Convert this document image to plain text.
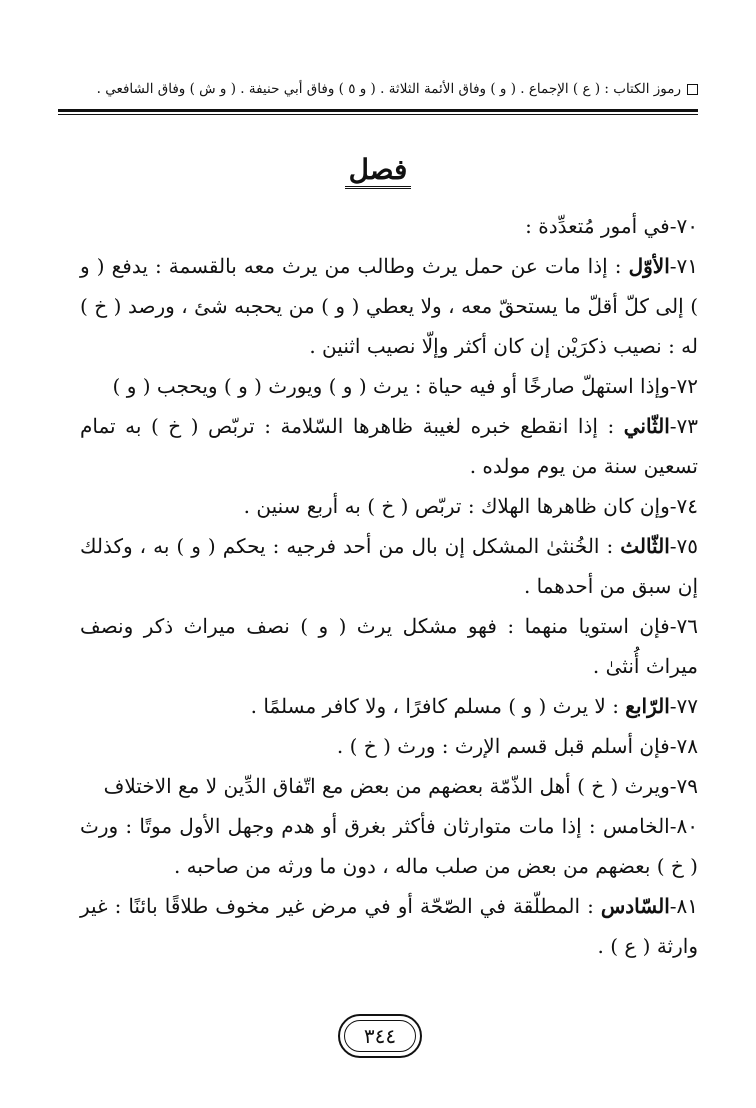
رموز الكتاب : ( ع ) الإجماع . ( و ) وفاق الأئمة الثلاثة . ( و ٥ ) وفاق أبي حنيفة . ( و ش ) وفاق الشافعي .
فصل

٧٠-في أمور مُتعدِّدة :

٧١-الأوّل : إذا مات عن حمل يرث وطالب من يرث معه بالقسمة : يدفع ( و ) إلى كلّ أقلّ ما يستحقّ معه ، ولا يعطي ( و ) من يحجبه شئ ، ورصد ( خ ) له : نصيب ذكرَيْن إن كان أكثر وإلّا نصيب اثنين .

٧٢-وإذا استهلّ صارخًا أو فيه حياة : يرث ( و ) ويورث ( و ) ويحجب ( و )

٧٣-الثّاني : إذا انقطع خبره لغيبة ظاهرها السّلامة : تربّص ( خ ) به تمام تسعين سنة من يوم مولده .

٧٤-وإن كان ظاهرها الهلاك : تربّص ( خ ) به أربع سنين .

٧٥-الثّالث : الخُنثىٰ المشكل إن بال من أحد فرجيه : يحكم ( و ) به ، وكذلك إن سبق من أحدهما .

٧٦-فإن استويا منهما : فهو مشكل يرث ( و ) نصف ميراث ذكر ونصف ميراث أُنثىٰ .

٧٧-الرّابع : لا يرث ( و ) مسلم كافرًا ، ولا كافر مسلمًا .

٧٨-فإن أسلم قبل قسم الإرث : ورث ( خ ) .

٧٩-ويرث ( خ ) أهل الذّمّة بعضهم من بعض مع اتّفاق الدِّين لا مع الاختلاف

٨٠-الخامس : إذا مات متوارثان فأكثر بغرق أو هدم وجهل الأول موتًا : ورث ( خ ) بعضهم من بعض من صلب ماله ، دون ما ورثه من صاحبه .

٨١-السّادس : المطلّقة في الصّحّة أو في مرض غير مخوف طلاقًا بائنًا : غير وارثة ( ع ) .

٣٤٤
